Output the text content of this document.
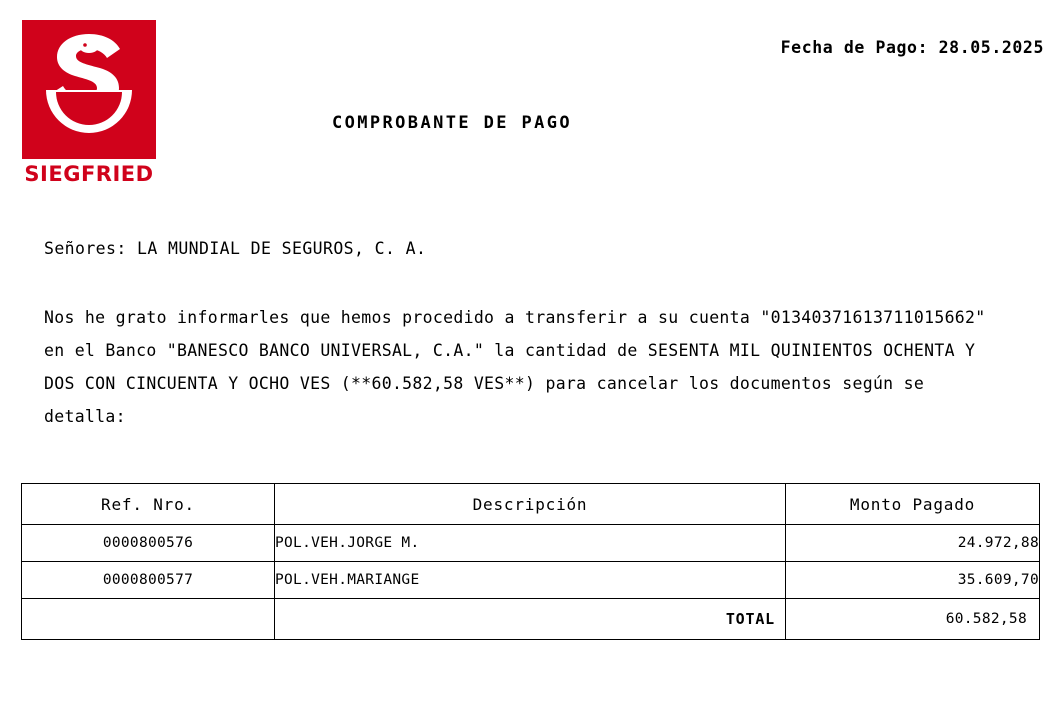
SIEGFRIED
Fecha de Pago: 28.05.2025
COMPROBANTE DE PAGO
Señores: LA MUNDIAL DE SEGUROS, C. A.
Nos he grato informarles que hemos procedido a transferir a su cuenta "01340371613711015662" en el Banco "BANESCO BANCO UNIVERSAL, C.A." la cantidad de SESENTA MIL QUINIENTOS OCHENTA Y DOS CON CINCUENTA Y OCHO VES (**60.582,58 VES**) para cancelar los documentos según se detalla:
Ref. Nro.	Descripción	Monto Pagado
0000800576	POL.VEH.JORGE M.	24.972,88
0000800577	POL.VEH.MARIANGE	35.609,70
	TOTAL	60.582,58
